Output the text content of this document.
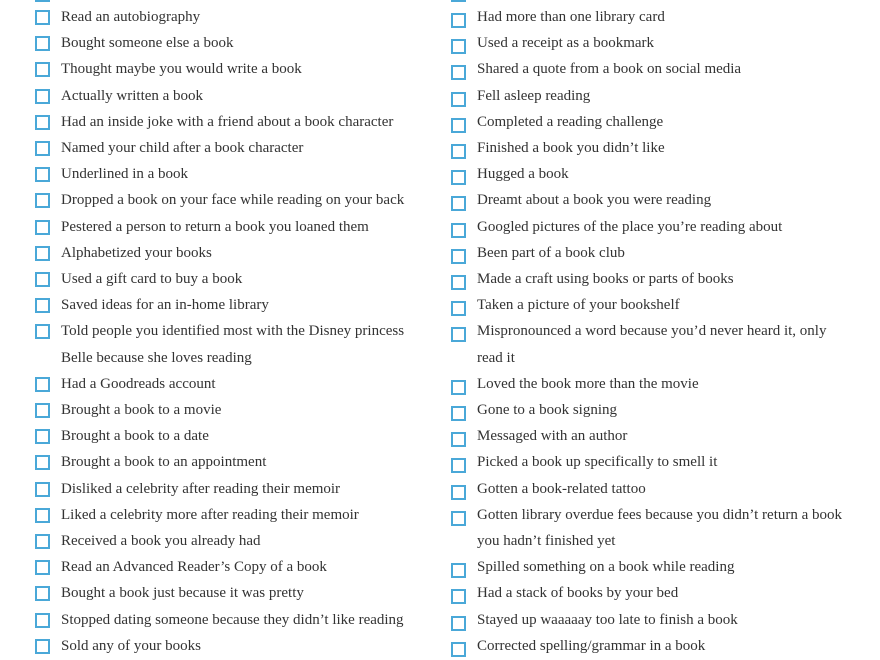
Read an autobiography
Bought someone else a book
Thought maybe you would write a book
Actually written a book
Had an inside joke with a friend about a book character
Named your child after a book character
Underlined in a book
Dropped a book on your face while reading on your back
Pestered a person to return a book you loaned them
Alphabetized your books
Used a gift card to buy a book
Saved ideas for an in-home library
Told people you identified most with the Disney princess Belle because she loves reading
Had a Goodreads account
Brought a book to a movie
Brought a book to a date
Brought a book to an appointment
Disliked a celebrity after reading their memoir
Liked a celebrity more after reading their memoir
Received a book you already had
Read an Advanced Reader’s Copy of a book
Bought a book just because it was pretty
Stopped dating someone because they didn’t like reading
Sold any of your books
Had more than one library card
Used a receipt as a bookmark
Shared a quote from a book on social media
Fell asleep reading
Completed a reading challenge
Finished a book you didn’t like
Hugged a book
Dreamt about a book you were reading
Googled pictures of the place you’re reading about
Been part of a book club
Made a craft using books or parts of books
Taken a picture of your bookshelf
Mispronounced a word because you’d never heard it, only read it
Loved the book more than the movie
Gone to a book signing
Messaged with an author
Picked a book up specifically to smell it
Gotten a book-related tattoo
Gotten library overdue fees because you didn’t return a book you hadn’t finished yet
Spilled something on a book while reading
Had a stack of books by your bed
Stayed up waaaaay too late to finish a book
Corrected spelling/grammar in a book
